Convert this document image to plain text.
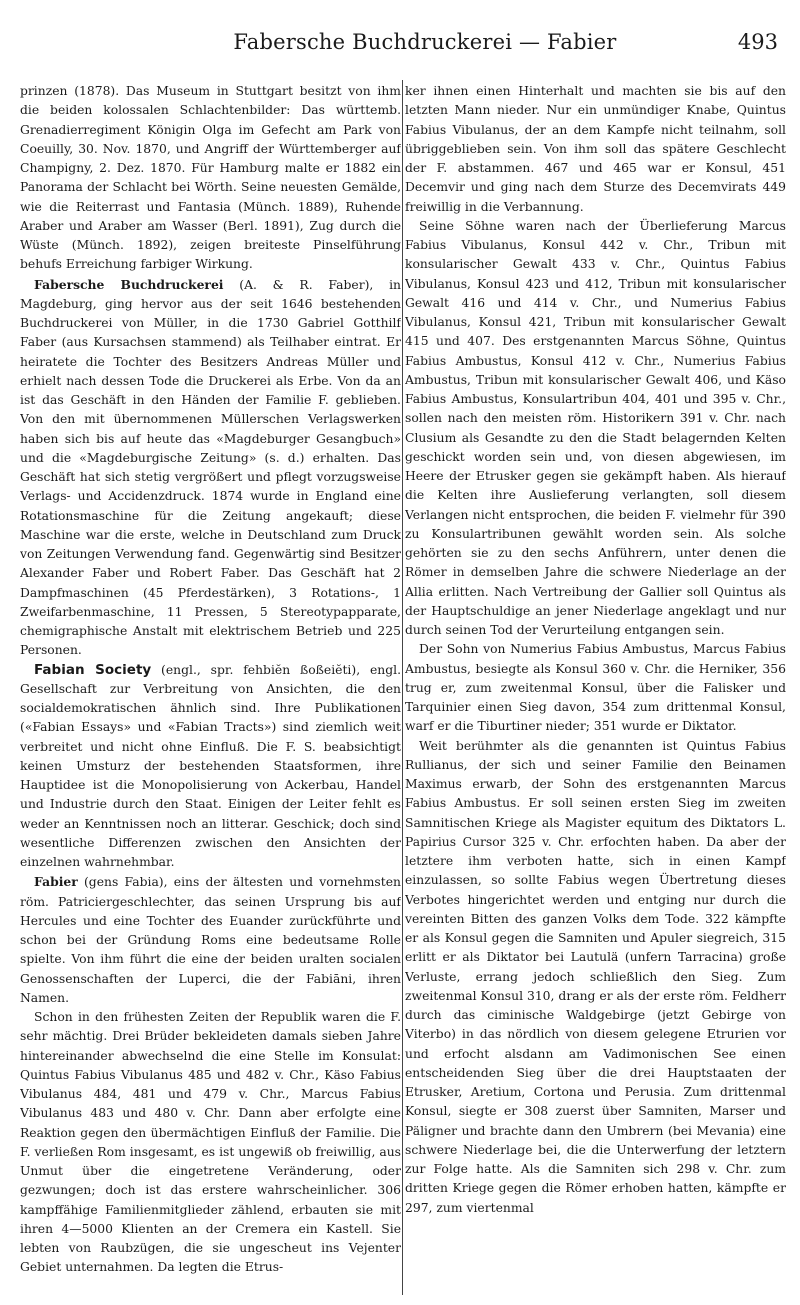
Fabersche Buchdruckerei — Fabier	493

prinzen (1878). Das Museum in Stuttgart besitzt von ihm die beiden kolossalen Schlachtenbilder: Das württemb. Grenadierregiment Königin Olga im Gefecht am Park von Coeuilly, 30. Nov. 1870, und Angriff der Württemberger auf Champigny, 2. Dez. 1870. Für Hamburg malte er 1882 ein Panorama der Schlacht bei Wörth. Seine neuesten Gemälde, wie die Reiterrast und Fantasia (Münch. 1889), Ruhende Araber und Araber am Wasser (Berl. 1891), Zug durch die Wüste (Münch. 1892), zeigen breiteste Pinselführung behufs Erreichung farbiger Wirkung.

Fabersche Buchdruckerei (A. & R. Faber), in Magdeburg, ging hervor aus der seit 1646 bestehenden Buchdruckerei von Müller, in die 1730 Gabriel Gotthilf Faber (aus Kursachsen stammend) als Teilhaber eintrat. Er heiratete die Tochter des Besitzers Andreas Müller und erhielt nach dessen Tode die Druckerei als Erbe. Von da an ist das Geschäft in den Händen der Familie F. geblieben. Von den mit übernommenen Müllerschen Verlagswerken haben sich bis auf heute das «Magdeburger Gesangbuch» und die «Magdeburgische Zeitung» (s. d.) erhalten. Das Geschäft hat sich stetig vergrößert und pflegt vorzugsweise Verlags- und Accidenzdruck. 1874 wurde in England eine Rotationsmaschine für die Zeitung angekauft; diese Maschine war die erste, welche in Deutschland zum Druck von Zeitungen Verwendung fand. Gegenwärtig sind Besitzer Alexander Faber und Robert Faber. Das Geschäft hat 2 Dampfmaschinen (45 Pferdestärken), 3 Rotations-, 1 Zweifarbenmaschine, 11 Pressen, 5 Stereotypapparate, chemigraphische Anstalt mit elektrischem Betrieb und 225 Personen.

Fabian Society (engl., spr. fehbiĕn ßoßeiĕti), engl. Gesellschaft zur Verbreitung von Ansichten, die den socialdemokratischen ähnlich sind. Ihre Publikationen («Fabian Essays» und «Fabian Tracts») sind ziemlich weit verbreitet und nicht ohne Einfluß. Die F. S. beabsichtigt keinen Umsturz der bestehenden Staatsformen, ihre Hauptidee ist die Monopolisierung von Ackerbau, Handel und Industrie durch den Staat. Einigen der Leiter fehlt es weder an Kenntnissen noch an litterar. Geschick; doch sind wesentliche Differenzen zwischen den Ansichten der einzelnen wahrnehmbar.

Fabier (gens Fabia), eins der ältesten und vornehmsten röm. Patriciergeschlechter, das seinen Ursprung bis auf Hercules und eine Tochter des Euander zurückführte und schon bei der Gründung Roms eine bedeutsame Rolle spielte. Von ihm führt die eine der beiden uralten socialen Genossenschaften der Luperci, die der Fabiāni, ihren Namen.

Schon in den frühesten Zeiten der Republik waren die F. sehr mächtig. Drei Brüder bekleideten damals sieben Jahre hintereinander abwechselnd die eine Stelle im Konsulat: Quintus Fabius Vibulanus 485 und 482 v. Chr., Käso Fabius Vibulanus 484, 481 und 479 v. Chr., Marcus Fabius Vibulanus 483 und 480 v. Chr. Dann aber erfolgte eine Reaktion gegen den übermächtigen Einfluß der Familie. Die F. verließen Rom insgesamt, es ist ungewiß ob freiwillig, aus Unmut über die eingetretene Veränderung, oder gezwungen; doch ist das erstere wahrscheinlicher. 306 kampffähige Familienmitglieder zählend, erbauten sie mit ihren 4—5000 Klienten an der Cremera ein Kastell. Sie lebten von Raubzügen, die sie ungescheut ins Vejenter Gebiet unternahmen. Da legten die Etrus-

ker ihnen einen Hinterhalt und machten sie bis auf den letzten Mann nieder. Nur ein unmündiger Knabe, Quintus Fabius Vibulanus, der an dem Kampfe nicht teilnahm, soll übriggeblieben sein. Von ihm soll das spätere Geschlecht der F. abstammen. 467 und 465 war er Konsul, 451 Decemvir und ging nach dem Sturze des Decemvirats 449 freiwillig in die Verbannung.

Seine Söhne waren nach der Überlieferung Marcus Fabius Vibulanus, Konsul 442 v. Chr., Tribun mit konsularischer Gewalt 433 v. Chr., Quintus Fabius Vibulanus, Konsul 423 und 412, Tribun mit konsularischer Gewalt 416 und 414 v. Chr., und Numerius Fabius Vibulanus, Konsul 421, Tribun mit konsularischer Gewalt 415 und 407. Des erstgenannten Marcus Söhne, Quintus Fabius Ambustus, Konsul 412 v. Chr., Numerius Fabius Ambustus, Tribun mit konsularischer Gewalt 406, und Käso Fabius Ambustus, Konsulartribun 404, 401 und 395 v. Chr., sollen nach den meisten röm. Historikern 391 v. Chr. nach Clusium als Gesandte zu den die Stadt belagernden Kelten geschickt worden sein und, von diesen abgewiesen, im Heere der Etrusker gegen sie gekämpft haben. Als hierauf die Kelten ihre Auslieferung verlangten, soll diesem Verlangen nicht entsprochen, die beiden F. vielmehr für 390 zu Konsulartribunen gewählt worden sein. Als solche gehörten sie zu den sechs Anführern, unter denen die Römer in demselben Jahre die schwere Niederlage an der Allia erlitten. Nach Vertreibung der Gallier soll Quintus als der Hauptschuldige an jener Niederlage angeklagt und nur durch seinen Tod der Verurteilung entgangen sein.

Der Sohn von Numerius Fabius Ambustus, Marcus Fabius Ambustus, besiegte als Konsul 360 v. Chr. die Herniker, 356 trug er, zum zweitenmal Konsul, über die Falisker und Tarquinier einen Sieg davon, 354 zum drittenmal Konsul, warf er die Tiburtiner nieder; 351 wurde er Diktator.

Weit berühmter als die genannten ist Quintus Fabius Rullianus, der sich und seiner Familie den Beinamen Maximus erwarb, der Sohn des erstgenannten Marcus Fabius Ambustus. Er soll seinen ersten Sieg im zweiten Samnitischen Kriege als Magister equitum des Diktators L. Papirius Cursor 325 v. Chr. erfochten haben. Da aber der letztere ihm verboten hatte, sich in einen Kampf einzulassen, so sollte Fabius wegen Übertretung dieses Verbotes hingerichtet werden und entging nur durch die vereinten Bitten des ganzen Volks dem Tode. 322 kämpfte er als Konsul gegen die Samniten und Apuler siegreich, 315 erlitt er als Diktator bei Lautulä (unfern Tarracina) große Verluste, errang jedoch schließlich den Sieg. Zum zweitenmal Konsul 310, drang er als der erste röm. Feldherr durch das ciminische Waldgebirge (jetzt Gebirge von Viterbo) in das nördlich von diesem gelegene Etrurien vor und erfocht alsdann am Vadimonischen See einen entscheidenden Sieg über die drei Hauptstaaten der Etrusker, Aretium, Cortona und Perusia. Zum drittenmal Konsul, siegte er 308 zuerst über Samniten, Marser und Päligner und brachte dann den Umbrern (bei Mevania) eine schwere Niederlage bei, die die Unterwerfung der letztern zur Folge hatte. Als die Samniten sich 298 v. Chr. zum dritten Kriege gegen die Römer erhoben hatten, kämpfte er 297, zum viertenmal
